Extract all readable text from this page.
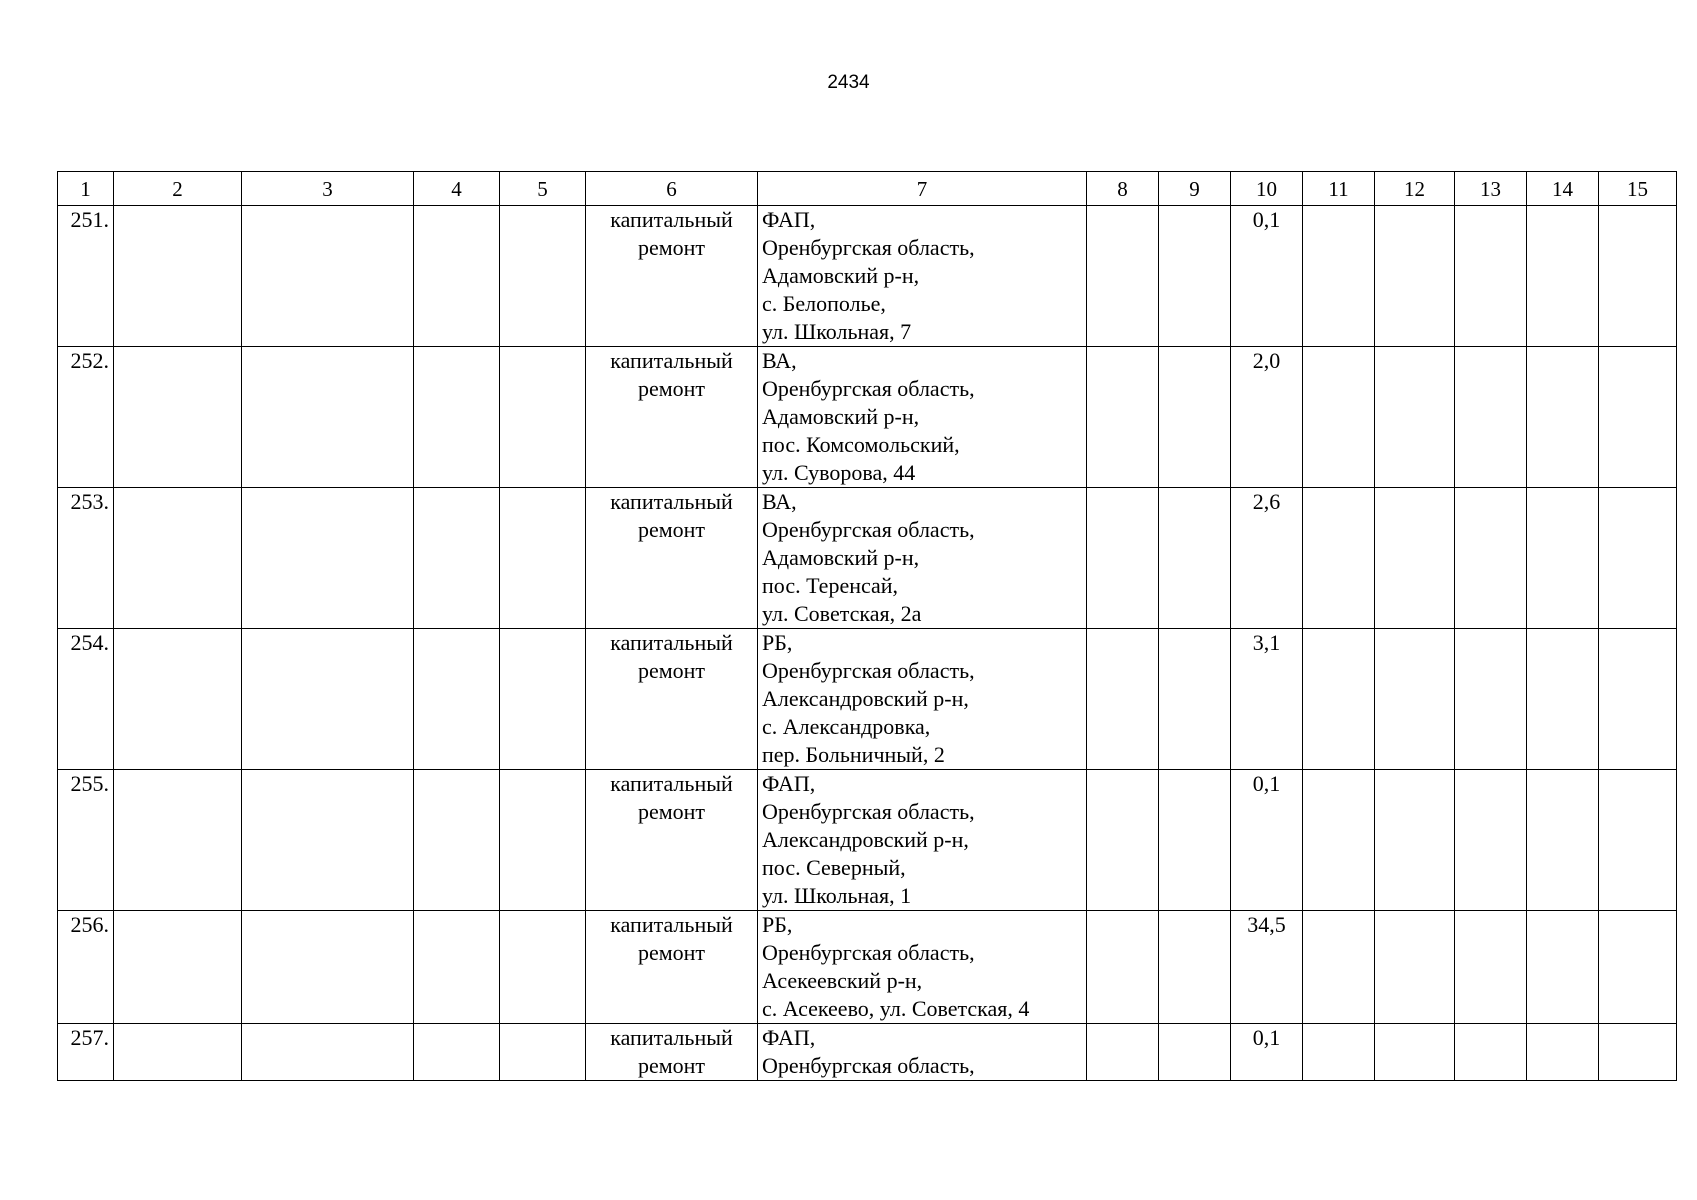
2434
1	2	3	4	5	6	7	8	9	10	11	12	13	14	15
251.					капитальный ремонт	ФАП,
Оренбургская область,
Адамовский р-н,
с. Белополье,
ул. Школьная, 7			0,1					
252.					капитальный ремонт	ВА,
Оренбургская область,
Адамовский р-н,
пос. Комсомольский,
ул. Суворова, 44			2,0					
253.					капитальный ремонт	ВА,
Оренбургская область,
Адамовский р-н,
пос. Теренсай,
ул. Советская, 2а			2,6					
254.					капитальный ремонт	РБ,
Оренбургская область,
Александровский р-н,
с. Александровка,
пер. Больничный, 2			3,1					
255.					капитальный ремонт	ФАП,
Оренбургская область,
Александровский р-н,
пос. Северный,
ул. Школьная, 1			0,1					
256.					капитальный ремонт	РБ,
Оренбургская область,
Асекеевский р-н,
с. Асекеево, ул. Советская, 4			34,5					
257.					капитальный ремонт	ФАП,
Оренбургская область,			0,1					
